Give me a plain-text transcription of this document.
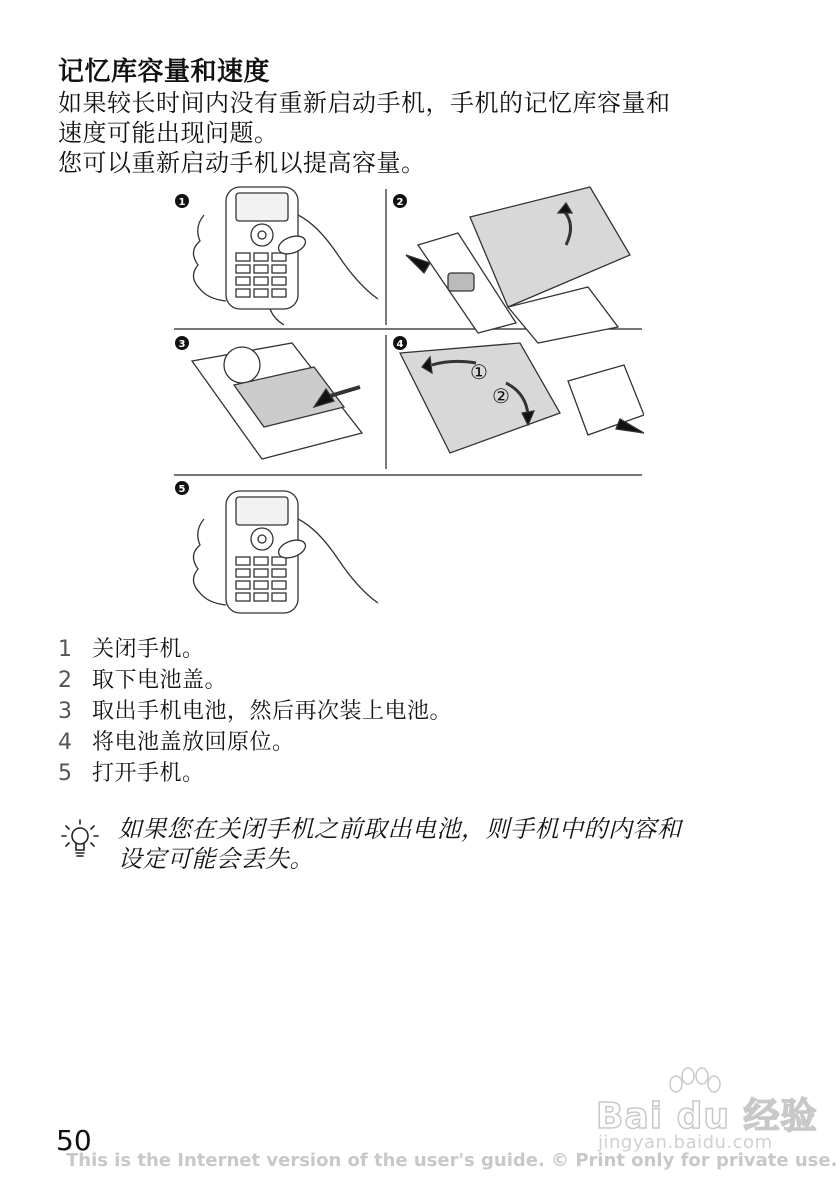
记忆库容量和速度

如果较长时间内没有重新启动手机，手机的记忆库容量和

速度可能出现问题。

您可以重新启动手机以提高容量。

1	2
3	4
5
①
②
1 关闭手机。
2 取下电池盖。
3 取出手机电池，然后再次装上电池。
4 将电池盖放回原位。
5 打开手机。
如果您在关闭手机之前取出电池，则手机中的内容和
设定可能会丢失。
Bai du 经验
jingyan.baidu.com
50
This is the Internet version of the user's guide. © Print only for private use.
